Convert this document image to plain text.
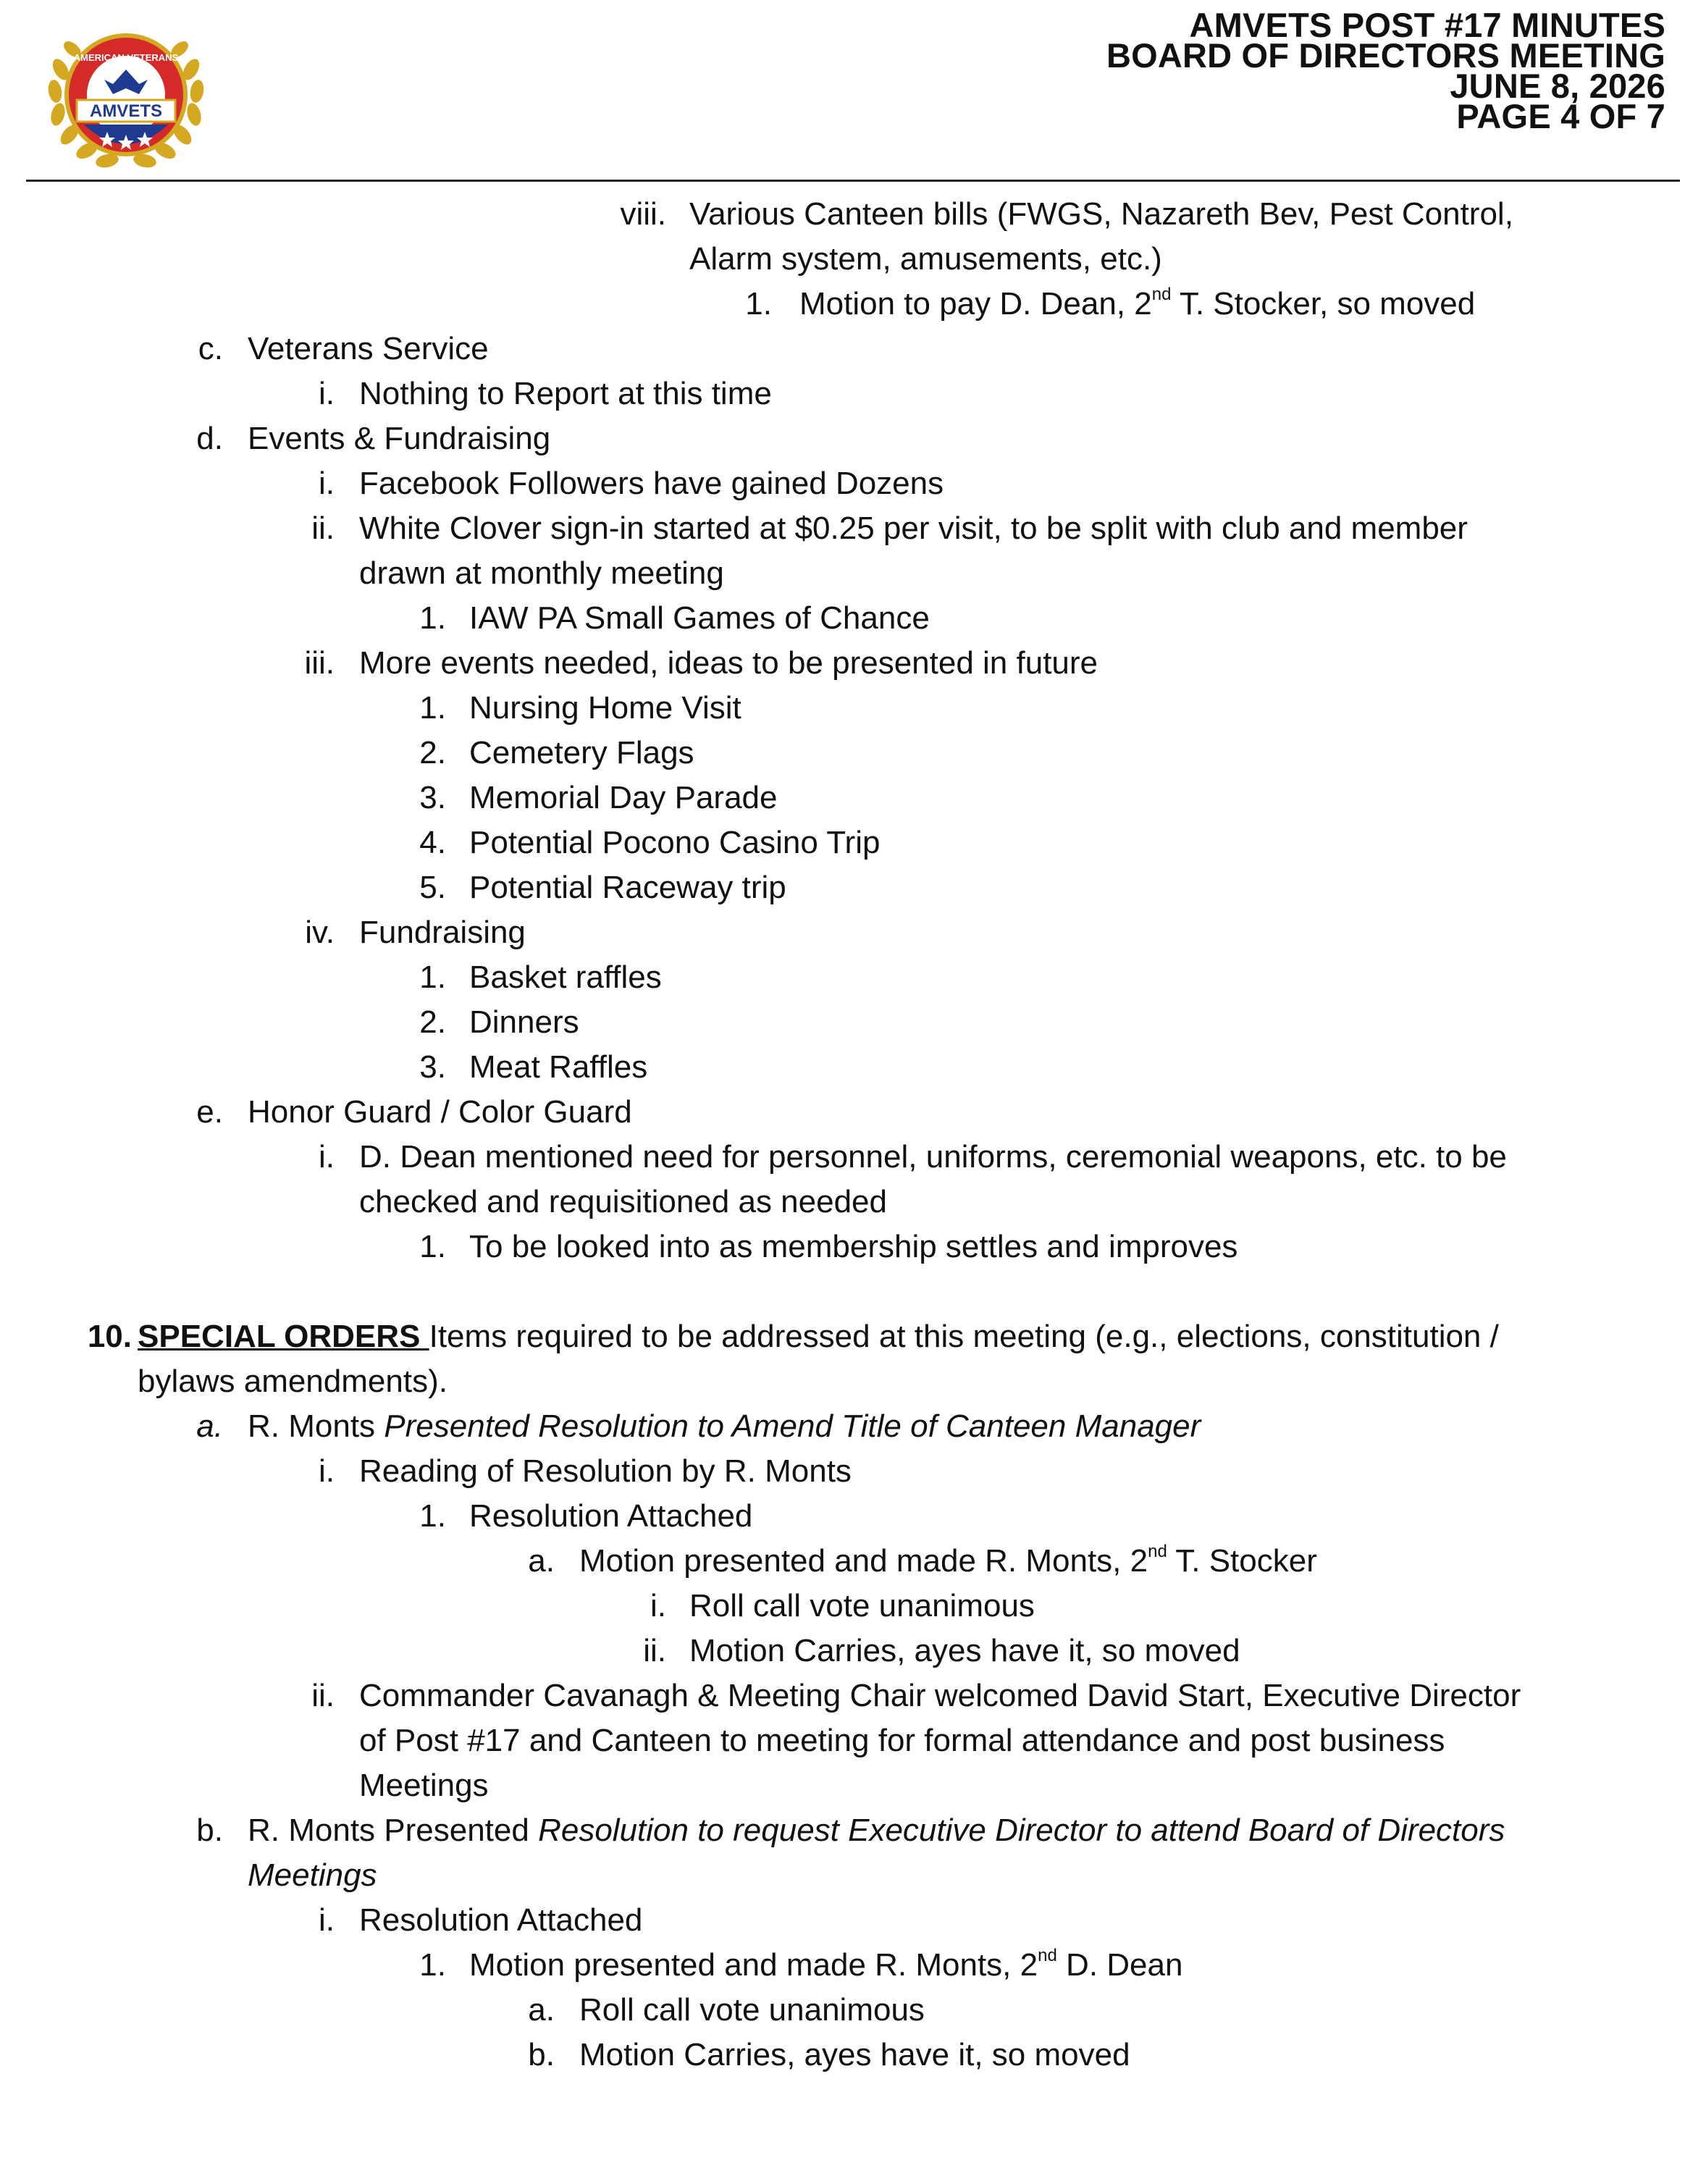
AMERICAN VETERANS
AMVETS
AMVETS POST #17 MINUTES
BOARD OF DIRECTORS MEETING
JUNE 8, 2026
PAGE 4 OF 7
viii. Various Canteen bills (FWGS, Nazareth Bev, Pest Control,
Alarm system, amusements, etc.)
1. Motion to pay D. Dean, 2nd T. Stocker, so moved
c. Veterans Service
i. Nothing to Report at this time
d. Events & Fundraising
i. Facebook Followers have gained Dozens
ii. White Clover sign-in started at $0.25 per visit, to be split with club and member
drawn at monthly meeting
1. IAW PA Small Games of Chance
iii. More events needed, ideas to be presented in future
1. Nursing Home Visit
2. Cemetery Flags
3. Memorial Day Parade
4. Potential Pocono Casino Trip
5. Potential Raceway trip
iv. Fundraising
1. Basket raffles
2. Dinners
3. Meat Raffles
e. Honor Guard / Color Guard
i. D. Dean mentioned need for personnel, uniforms, ceremonial weapons, etc. to be
checked and requisitioned as needed
1. To be looked into as membership settles and improves
10. SPECIAL ORDERS Items required to be addressed at this meeting (e.g., elections, constitution /
bylaws amendments).
a. R. Monts Presented Resolution to Amend Title of Canteen Manager
i. Reading of Resolution by R. Monts
1. Resolution Attached
a. Motion presented and made R. Monts, 2nd T. Stocker
i. Roll call vote unanimous
ii. Motion Carries, ayes have it, so moved
ii. Commander Cavanagh & Meeting Chair welcomed David Start, Executive Director
of Post #17 and Canteen to meeting for formal attendance and post business
Meetings
b. R. Monts Presented Resolution to request Executive Director to attend Board of Directors
Meetings
i. Resolution Attached
1. Motion presented and made R. Monts, 2nd D. Dean
a. Roll call vote unanimous
b. Motion Carries, ayes have it, so moved
